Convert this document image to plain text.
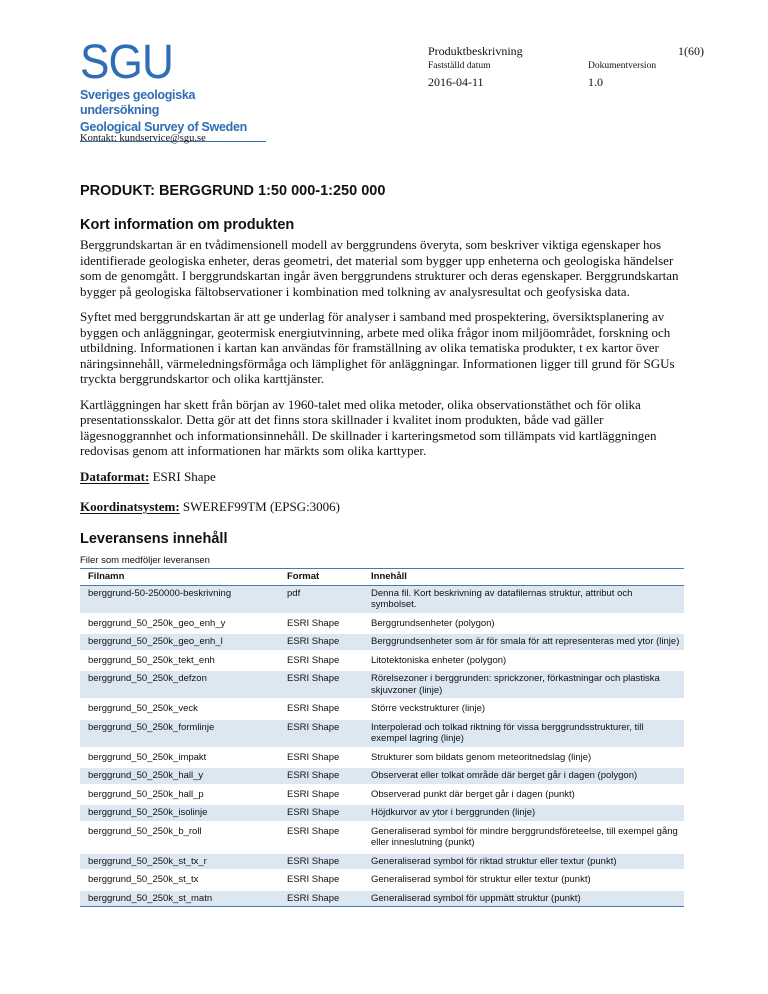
SGU
Sveriges geologiska undersökning
Geological Survey of Sweden
Produktbeskrivning	1(60)
Fastställd datum
2016-04-11
Dokumentversion
1.0
Kontakt: kundservice@sgu.se
PRODUKT: BERGGRUND 1:50 000-1:250 000
Kort information om produkten

Berggrundskartan är en tvådimensionell modell av berggrundens överyta, som beskriver viktiga egenskaper hos identifierade geologiska enheter, deras geometri, det material som bygger upp enheterna och geologiska händelser som de genomgått. I berggrundskartan ingår även berggrundens strukturer och deras egenskaper. Berggrundskartan bygger på geologiska fältobservationer i kombination med tolkning av analysresultat och geofysiska data.

Syftet med berggrundskartan är att ge underlag för analyser i samband med prospektering, översiktsplanering av byggen och anläggningar, geotermisk energiutvinning, arbete med olika frågor inom miljöområdet, forskning och utbildning. Informationen i kartan kan användas för framställning av olika tematiska produkter, t ex kartor över näringsinnehåll, värmeledningsförmåga och lämplighet för anläggningar. Informationen ligger till grund för SGUs tryckta berggrundskartor och olika karttjänster.

Kartläggningen har skett från början av 1960-talet med olika metoder, olika observationstäthet och för olika presentationsskalor. Detta gör att det finns stora skillnader i kvalitet inom produkten, både vad gäller lägesnoggrannhet och informationsinnehåll. De skillnader i karteringsmetod som tillämpats vid kartläggningen redovisas genom att informationen har märkts som olika karttyper.

Dataformat: ESRI Shape
Koordinatsystem: SWEREF99TM (EPSG:3006)
Leveransens innehåll
Filer som medföljer leveransen
Filnamn	Format	Innehåll
berggrund-50-250000-beskrivning	pdf	Denna fil. Kort beskrivning av datafilernas struktur, attribut och symbolset.
berggrund_50_250k_geo_enh_y	ESRI Shape	Berggrundsenheter (polygon)
berggrund_50_250k_geo_enh_l	ESRI Shape	Berggrundsenheter som är för smala för att representeras med ytor (linje)
berggrund_50_250k_tekt_enh	ESRI Shape	Litotektoniska enheter (polygon)
berggrund_50_250k_defzon	ESRI Shape	Rörelsezoner i berggrunden: sprickzoner, förkastningar och plastiska skjuvzoner (linje)
berggrund_50_250k_veck	ESRI Shape	Större veckstrukturer (linje)
berggrund_50_250k_formlinje	ESRI Shape	Interpolerad och tolkad riktning för vissa berggrundsstrukturer, till exempel lagring (linje)
berggrund_50_250k_impakt	ESRI Shape	Strukturer som bildats genom meteoritnedslag (linje)
berggrund_50_250k_hall_y	ESRI Shape	Observerat eller tolkat område där berget går i dagen (polygon)
berggrund_50_250k_hall_p	ESRI Shape	Observerad punkt där berget går i dagen (punkt)
berggrund_50_250k_isolinje	ESRI Shape	Höjdkurvor av ytor i berggrunden (linje)
berggrund_50_250k_b_roll	ESRI Shape	Generaliserad symbol för mindre berggrundsföreteelse, till exempel gång eller inneslutning (punkt)
berggrund_50_250k_st_tx_r	ESRI Shape	Generaliserad symbol för riktad struktur eller textur (punkt)
berggrund_50_250k_st_tx	ESRI Shape	Generaliserad symbol för struktur eller textur (punkt)
berggrund_50_250k_st_matn	ESRI Shape	Generaliserad symbol för uppmätt struktur (punkt)
